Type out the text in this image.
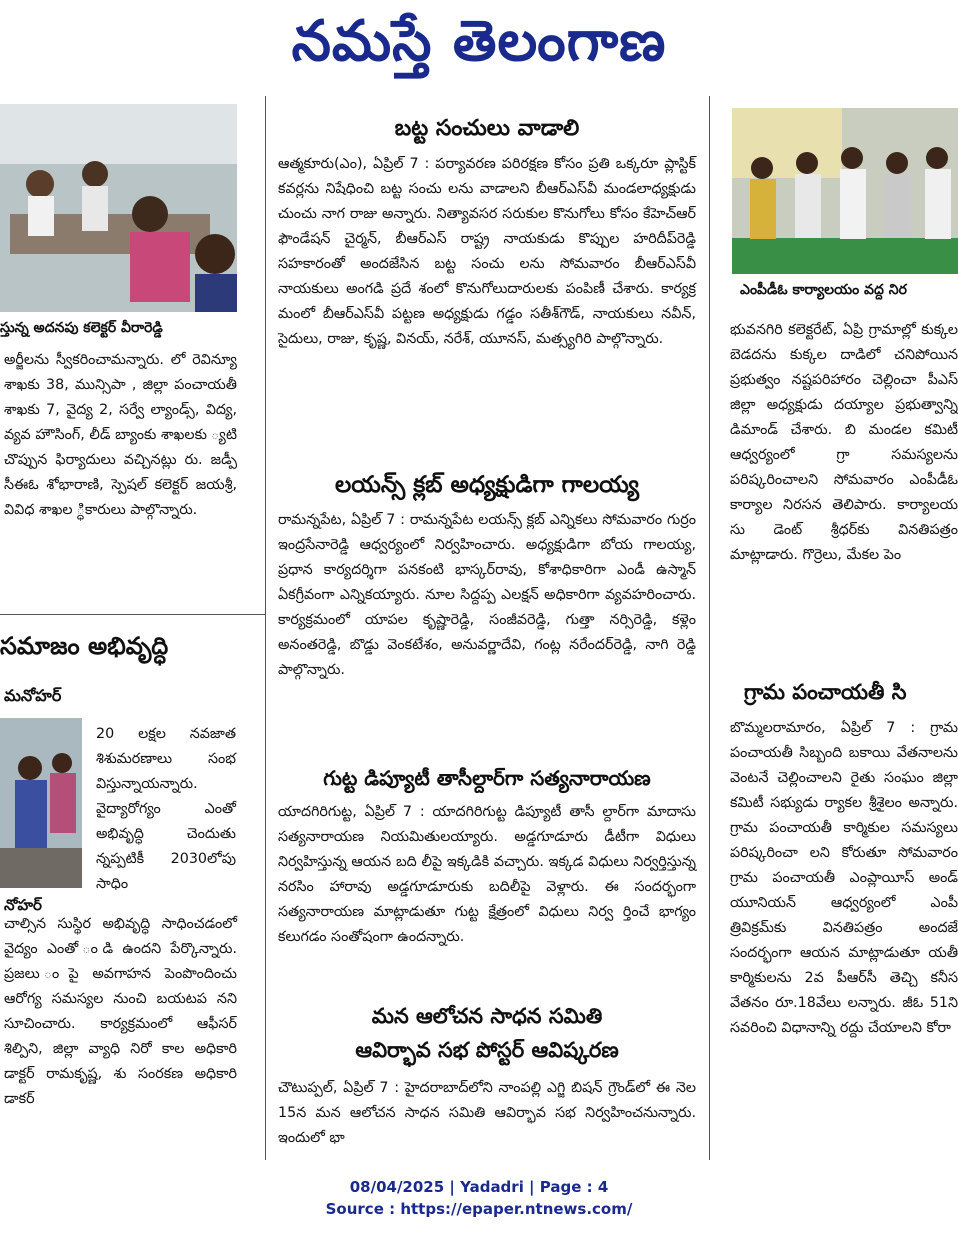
నమస్తే తెలంగాణ
స్తున్న అదనపు కలెక్టర్‌ వీరారెడ్డి

అర్జీలను స్వీకరించామన్నారు. లో రెవిన్యూ శాఖకు 38, మున్సిపా , జిల్లా పంచాయతీ శాఖకు 7, వైద్య 2, సర్వే ల్యాండ్స్‌, విద్య, వ్యవ హౌసింగ్‌, లీడ్‌ బ్యాంకు శాఖలకు ్యటి చొప్పున ఫిర్యాదులు వచ్చినట్లు రు. జడ్పీ సీఈఓ శోభారాణి, స్పెషల్‌ కలెక్టర్‌ జయశ్రీ, వివిధ శాఖల ్ధికారులు పాల్గొన్నారు.

సమాజం అభివృద్ధి
మనోహర్‌
నోహర్‌

20 లక్షల నవజాత శిశుమరణాలు సంభ విస్తున్నాయన్నారు. వైద్యారోగ్యం ఎంతో అభివృద్ధి చెందుతు న్నప్పటికీ 2030లోపు సాధిం

చాల్సిన సుస్థిర అభివృద్ధి సాధించడంలో వైద్యం ఎంతో ండి ఉందని పేర్కొన్నారు. ప్రజలు ంపై అవగాహన పెంపొందించు ఆరోగ్య సమస్యల నుంచి బయటప నని సూచించారు. కార్యక్రమంలో ఆఫీసర్‌ శిల్పిని, జిల్లా వ్యాధి నిరో కాల అధికారి డాక్టర్‌ రామకృష్ణ, శు సంరకణ అధికారి డాకర్‌

బట్ట సంచులు వాడాలి

ఆత్మకూరు(ఎం), ఏప్రిల్‌ 7 : పర్యావరణ పరిరక్షణ కోసం ప్రతి ఒక్కరూ ప్లాస్టిక్‌ కవర్లను నిషేధించి బట్ట సంచు లను వాడాలని బీఆర్‌ఎస్‌వీ మండలాధ్యక్షుడు చుంచు నాగ రాజు అన్నారు. నిత్యావసర సరుకుల కొనుగోలు కోసం కేహెచ్‌ఆర్‌ ఫౌండేషన్‌ చైర్మన్‌, బీఆర్‌ఎస్‌ రాష్ట్ర నాయకుడు కొప్పుల హరిదీప్‌రెడ్డి సహకారంతో అందజేసిన బట్ట సంచు లను సోమవారం బీఆర్‌ఎస్‌వీ నాయకులు అంగడి ప్రదే శంలో కొనుగోలుదారులకు పంపిణీ చేశారు. కార్యక్ర మంలో బీఆర్‌ఎస్‌వీ పట్టణ అధ్యక్షుడు గడ్డం సతీశ్‌గౌడ్‌, నాయకులు నవీన్‌, సైదులు, రాజు, కృష్ణ, వినయ్‌, నరేశ్‌, యూనస్‌, మత్స్యగిరి పాల్గొన్నారు.

లయన్స్‌ క్లబ్‌ అధ్యక్షుడిగా గాలయ్య

రామన్నపేట, ఏప్రిల్‌ 7 : రామన్నపేట లయన్స్‌ క్లబ్‌ ఎన్నికలు సోమవారం గుర్రం ఇంద్రసేనారెడ్డి ఆధ్వర్యంలో నిర్వహించారు. అధ్యక్షుడిగా బోయ గాలయ్య, ప్రధాన కార్యదర్శిగా పనకంటి భాస్కర్‌రావు, కోశాధికారిగా ఎండీ ఉస్మాన్‌ ఏకగ్రీవంగా ఎన్నికయ్యారు. నూల సిద్దప్ప ఎలక్షన్‌ అధికారిగా వ్యవహరించారు. కార్యక్రమంలో యాపల కృష్ణారెడ్డి, సంజీవరెడ్డి, గుత్తా నర్సిరెడ్డి, కళ్లెం అనంతరెడ్డి, బొడ్డు వెంకటేశం, అనువర్ణాదేవి, గంట్ల నరేందర్‌రెడ్డి, నాగి రెడ్డి పాల్గొన్నారు.

గుట్ట డిప్యూటీ తాసీల్దార్‌గా సత్యనారాయణ

యాదగిరిగుట్ట, ఏప్రిల్‌ 7 : యాదగిరిగుట్ట డిప్యూటీ తాసీ ల్దార్‌గా మాదాసు సత్యనారాయణ నియమితులయ్యారు. అడ్డగూడూరు డీటీగా విధులు నిర్వహిస్తున్న ఆయన బది లీపై ఇక్కడికి వచ్చారు. ఇక్కడ విధులు నిర్వర్తిస్తున్న నరసిం హారావు అడ్డగూడూరుకు బదిలీపై వెళ్లారు. ఈ సందర్భంగా సత్యనారాయణ మాట్లాడుతూ గుట్ట క్షేత్రంలో విధులు నిర్వ ర్తించే భాగ్యం కలుగడం సంతోషంగా ఉందన్నారు.

మన ఆలోచన సాధన సమితి
ఆవిర్భావ సభ పోస్టర్‌ ఆవిష్కరణ

చౌటుప్పల్‌, ఏప్రిల్‌ 7 : హైదరాబాద్‌లోని నాంపల్లి ఎగ్జి బిషన్‌ గ్రౌండ్‌లో ఈ నెల 15న మన ఆలోచన సాధన సమితి ఆవిర్భావ సభ నిర్వహించనున్నారు. ఇందులో భా

ఎంపీడీఓ కార్యాలయం వద్ద నిర

భువనగిరి కలెక్టరేట్‌, ఏప్రి గ్రామాల్లో కుక్కల బెడదను కుక్కల దాడిలో చనిపోయిన ప్రభుత్వం నష్టపరిహారం చెల్లించా పీఎస్‌ జిల్లా అధ్యక్షుడు దయ్యాల ప్రభుత్వాన్ని డిమాండ్‌ చేశారు. బి మండల కమిటీ ఆధ్వర్యంలో గ్రా సమస్యలను పరిష్కరించాలని సోమవారం ఎంపీడీఓ కార్యాల నిరసన తెలిపారు. కార్యాలయ సు డెంట్‌ శ్రీధర్‌కు వినతిపత్రం మాట్లాడారు. గొర్రెలు, మేకల పెం

గ్రామ పంచాయతీ సి

బొమ్మలరామారం, ఏప్రిల్‌ 7 : గ్రామ పంచాయతీ సిబ్బంది బకాయి వేతనాలను వెంటనే చెల్లించాలని రైతు సంఘం జిల్లా కమిటీ సభ్యుడు ర్యాకల శ్రీశైలం అన్నారు. గ్రామ పంచాయతీ కార్మికుల సమస్యలు పరిష్కరించా లని కోరుతూ సోమవారం గ్రామ పంచాయతీ ఎంప్లాయీస్‌ అండ్‌ యూనియన్‌ ఆధ్వర్యంలో ఎంపీ త్రివిక్రమ్‌కు వినతిపత్రం అందజే సందర్భంగా ఆయన మాట్లాడుతూ యతీ కార్మికులను 2వ పీఆర్‌సీ తెచ్చి కనీస వేతనం రూ.18వేలు లన్నారు. జీఓ 51ని సవరించి విధానాన్ని రద్దు చేయాలని కోరా

08/04/2025 | Yadadri | Page : 4
Source : https://epaper.ntnews.com/
